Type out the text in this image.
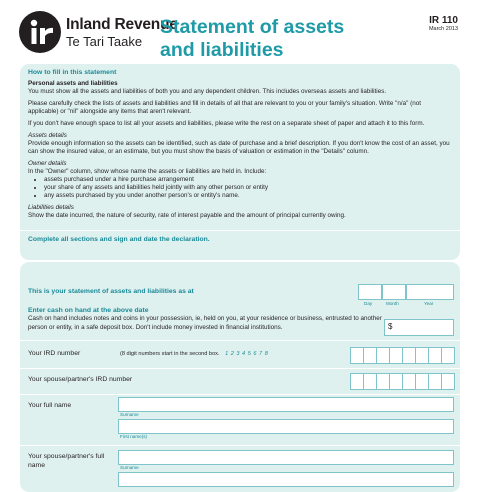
Inland Revenue
Te Tari Taake
Statement of assets
and liabilities
IR 110
March 2013
How to fill in this statement
Personal assets and liabilities

You must show all the assets and liabilities of both you and any dependent children. This includes overseas assets and liabilities.

Please carefully check the lists of assets and liabilities and fill in details of all that are relevant to you or your family's situation. Write "n/a" (not applicable) or "nil" alongside any items that aren't relevant.

If you don't have enough space to list all your assets and liabilities, please write the rest on a separate sheet of paper and attach it to this form.

Assets details

Provide enough information so the assets can be identified, such as date of purchase and a brief description. If you don't know the cost of an asset, you can show the insured value, or an estimate, but you must show the basis of valuation or estimation in the "Details" column.

Owner details

In the "Owner" column, show whose name the assets or liabilities are held in. Include:

• assets purchased under a hire purchase arrangement
• your share of any assets and liabilities held jointly with any other person or entity
• any assets purchased by you under another person's or entity's name.
Liabilities details

Show the date incurred, the nature of security, rate of interest payable and the amount of principal currently owing.

Complete all sections and sign and date the declaration.
This is your statement of assets and liabilities as at
Day	Month	Year
Enter cash on hand at the above date
Cash on hand includes notes and coins in your possession, ie, held on you, at your residence or business, entrusted to another person or entity, in a safe deposit box. Don't include money invested in financial institutions.	$
Your IRD number	(8 digit numbers start in the second box. 1 2 3 4 5 6 7 8
Your spouse/partner's IRD number
Your full name
Surname
First name(s)
Your spouse/partner's full name	Surname
